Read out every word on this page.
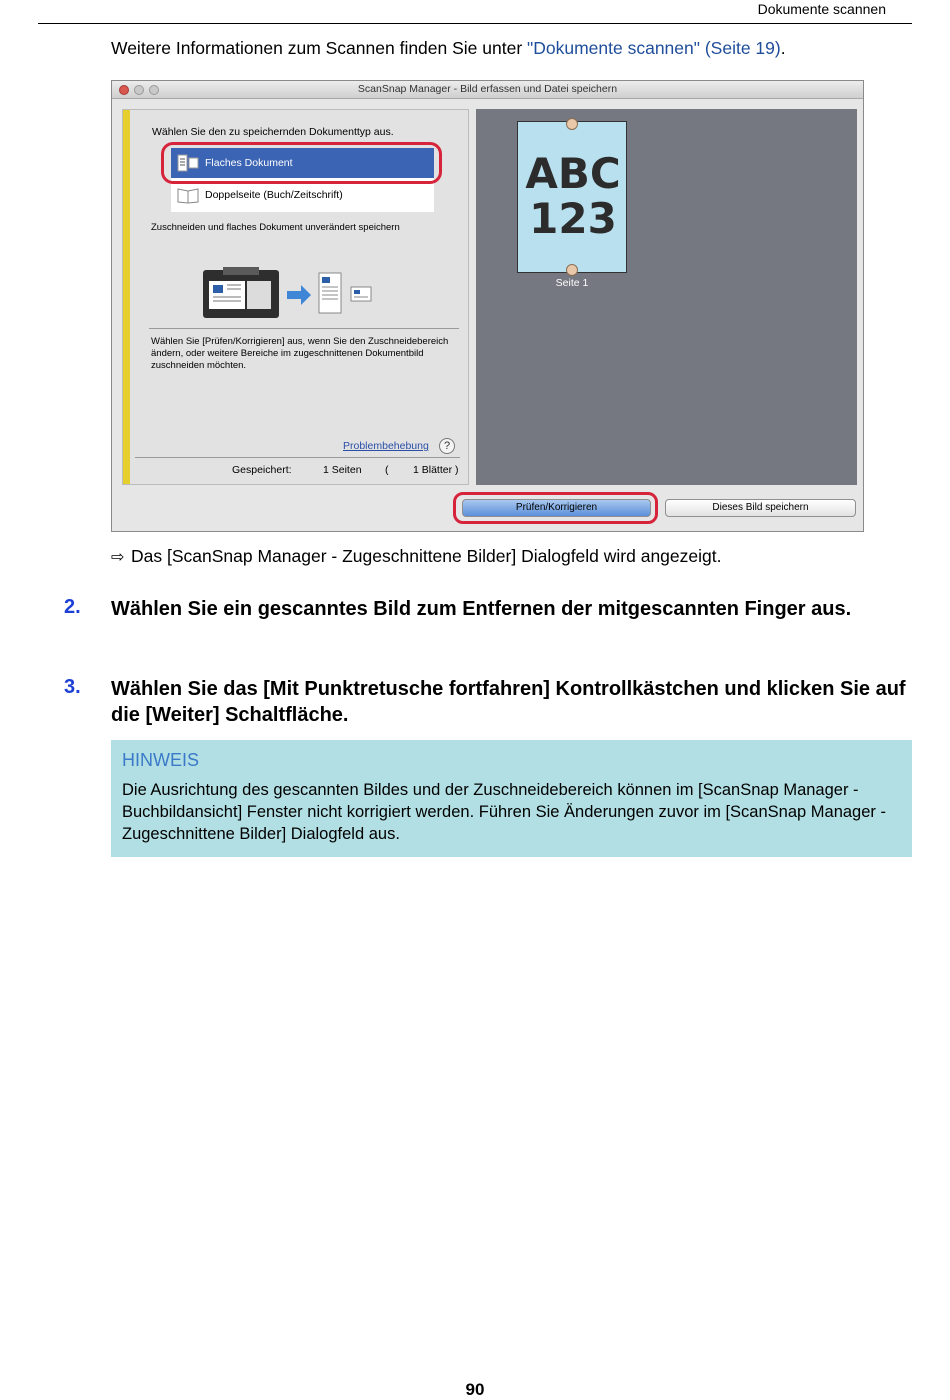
Dokumente scannen
Weitere Informationen zum Scannen finden Sie unter "Dokumente scannen" (Seite 19).
ScanSnap Manager - Bild erfassen und Datei speichern
Wählen Sie den zu speichernden Dokumenttyp aus.
Flaches Dokument
Doppelseite (Buch/Zeitschrift)
Zuschneiden und flaches Dokument unverändert speichern
Wählen Sie [Prüfen/Korrigieren] aus, wenn Sie den Zuschneidebereich ändern, oder weitere Bereiche im zugeschnittenen Dokumentbild zuschneiden möchten.
Problembehebung	?
Gespeichert:	1 Seiten ( 1 Blätter )
ABC
123
Seite 1
Prüfen/Korrigieren	Dieses Bild speichern
⇨ Das [ScanSnap Manager - Zugeschnittene Bilder] Dialogfeld wird angezeigt.
2. Wählen Sie ein gescanntes Bild zum Entfernen der mitgescannten Finger aus.
3. Wählen Sie das [Mit Punktretusche fortfahren] Kontrollkästchen und klicken Sie auf die [Weiter] Schaltfläche.
HINWEIS
Die Ausrichtung des gescannten Bildes und der Zuschneidebereich können im [ScanSnap Manager - Buchbildansicht] Fenster nicht korrigiert werden. Führen Sie Änderungen zuvor im [ScanSnap Manager - Zugeschnittene Bilder] Dialogfeld aus.
90
